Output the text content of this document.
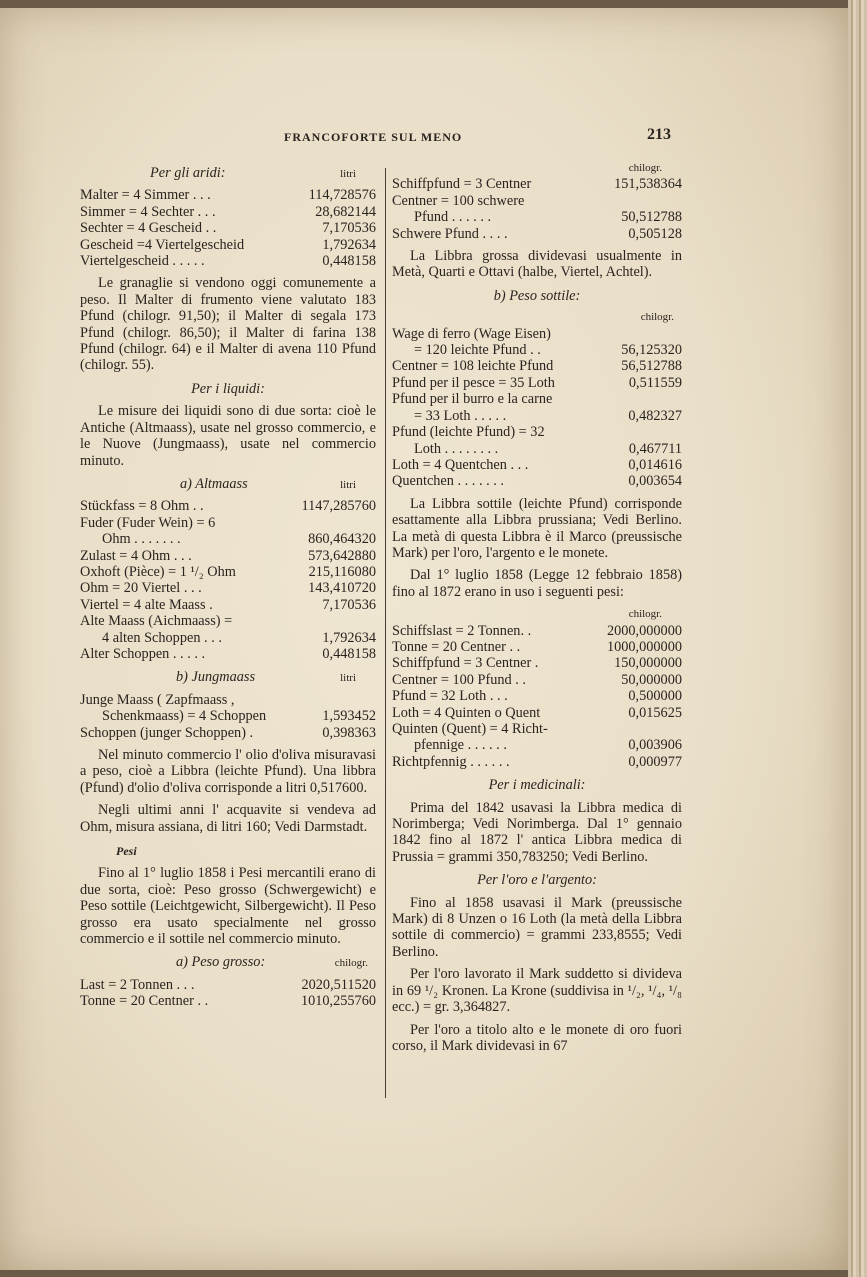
FRANCOFORTE SUL MENO	213
Per gli aridi:	litri
Malter = 4 Simmer . . .	114,728576
Simmer = 4 Sechter . . .	28,682144
Sechter = 4 Gescheid . .	7,170536
Gescheid =4 Viertelgescheid	1,792634
Viertelgescheid . . . . .	0,448158

Le granaglie si vendono oggi comunemente a peso. Il Malter di frumento viene valutato 183 Pfund (chilogr. 91,50); il Malter di segala 173 Pfund (chilogr. 86,50); il Malter di farina 138 Pfund (chilogr. 64) e il Malter di avena 110 Pfund (chilogr. 55).

Per i liquidi:

Le misure dei liquidi sono di due sorta: cioè le Antiche (Altmaass), usate nel grosso commercio, e le Nuove (Jungmaass), usate nel commercio minuto.

a) Altmaass	litri
Stückfass = 8 Ohm . .	1147,285760
Fuder (Fuder Wein) = 6
Ohm . . . . . . .	860,464320
Zulast = 4 Ohm . . .	573,642880
Oxhoft (Pièce) = 1 ¹/₂ Ohm	215,116080
Ohm = 20 Viertel . . .	143,410720
Viertel = 4 alte Maass .	7,170536
Alte Maass (Aichmaass) =
4 alten Schoppen . . .	1,792634
Alter Schoppen . . . . .	0,448158
b) Jungmaass	litri
Junge Maass ( Zapfmaass ,
Schenkmaass) = 4 Schoppen	1,593452
Schoppen (junger Schoppen) .	0,398363

Nel minuto commercio l' olio d'oliva misuravasi a peso, cioè a Libbra (leichte Pfund). Una libbra (Pfund) d'olio d'oliva corrisponde a litri 0,517600.

Negli ultimi anni l' acquavite si vendeva ad Ohm, misura assiana, di litri 160; Vedi Darmstadt.

Pesi

Fino al 1° luglio 1858 i Pesi mercantili erano di due sorta, cioè: Peso grosso (Schwergewicht) e Peso sottile (Leichtgewicht, Silbergewicht). Il Peso grosso era usato specialmente nel grosso commercio e il sottile nel commercio minuto.

a) Peso grosso:	chilogr.
Last = 2 Tonnen . . .	2020,511520
Tonne = 20 Centner . .	1010,255760
chilogr.
Schiffpfund = 3 Centner	151,538364
Centner = 100 schwere
Pfund . . . . . .	50,512788
Schwere Pfund . . . .	0,505128

La Libbra grossa dividevasi usualmente in Metà, Quarti e Ottavi (halbe, Viertel, Achtel).

b) Peso sottile:
chilogr.
Wage di ferro (Wage Eisen)
= 120 leichte Pfund . .	56,125320
Centner = 108 leichte Pfund	56,512788
Pfund per il pesce = 35 Loth	0,511559
Pfund per il burro e la carne
= 33 Loth . . . . .	0,482327
Pfund (leichte Pfund) = 32
Loth . . . . . . . .	0,467711
Loth = 4 Quentchen . . .	0,014616
Quentchen . . . . . . .	0,003654

La Libbra sottile (leichte Pfund) corrisponde esattamente alla Libbra prussiana; Vedi Berlino. La metà di questa Libbra è il Marco (preussische Mark) per l'oro, l'argento e le monete.

Dal 1° luglio 1858 (Legge 12 febbraio 1858) fino al 1872 erano in uso i seguenti pesi:

chilogr.
Schiffslast = 2 Tonnen. .	2000,000000
Tonne = 20 Centner . .	1000,000000
Schiffpfund = 3 Centner .	150,000000
Centner = 100 Pfund . .	50,000000
Pfund = 32 Loth . . .	0,500000
Loth = 4 Quinten o Quent	0,015625
Quinten (Quent) = 4 Richt-
pfennige . . . . . .	0,003906
Richtpfennig . . . . . .	0,000977
Per i medicinali:

Prima del 1842 usavasi la Libbra medica di Norimberga; Vedi Norimberga. Dal 1° gennaio 1842 fino al 1872 l' antica Libbra medica di Prussia = grammi 350,783250; Vedi Berlino.

Per l'oro e l'argento:

Fino al 1858 usavasi il Mark (preussische Mark) di 8 Unzen o 16 Loth (la metà della Libbra sottile di commercio) = grammi 233,8555; Vedi Berlino.

Per l'oro lavorato il Mark suddetto si divideva in 69 ¹/₂ Kronen. La Krone (suddivisa in ¹/₂, ¹/₄, ¹/₈ ecc.) = gr. 3,364827.

Per l'oro a titolo alto e le monete di oro fuori corso, il Mark dividevasi in 67
